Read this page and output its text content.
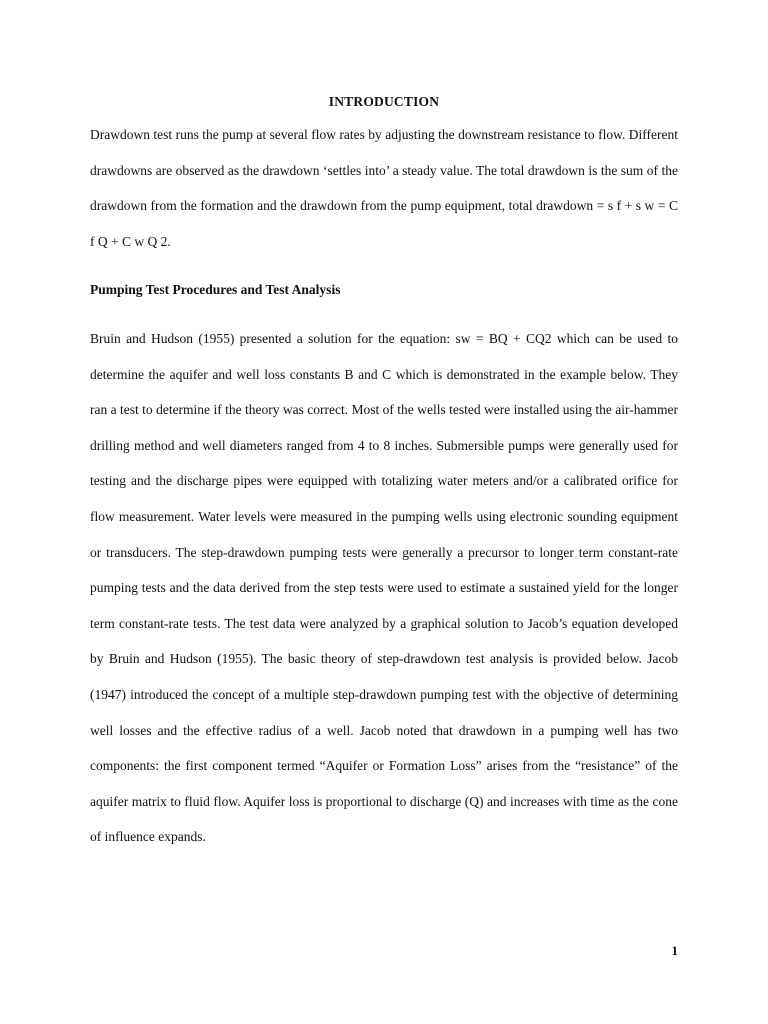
INTRODUCTION

Drawdown test runs the pump at several flow rates by adjusting the downstream resistance to flow. Different drawdowns are observed as the drawdown ‘settles into’ a steady value. The total drawdown is the sum of the drawdown from the formation and the drawdown from the pump equipment, total drawdown = s f + s w = C f Q + C w Q 2.

Pumping Test Procedures and Test Analysis

Bruin and Hudson (1955) presented a solution for the equation: sw = BQ + CQ2 which can be used to determine the aquifer and well loss constants B and C which is demonstrated in the example below. They ran a test to determine if the theory was correct. Most of the wells tested were installed using the air-hammer drilling method and well diameters ranged from 4 to 8 inches. Submersible pumps were generally used for testing and the discharge pipes were equipped with totalizing water meters and/or a calibrated orifice for flow measurement. Water levels were measured in the pumping wells using electronic sounding equipment or transducers. The step-drawdown pumping tests were generally a precursor to longer term constant-rate pumping tests and the data derived from the step tests were used to estimate a sustained yield for the longer term constant-rate tests. The test data were analyzed by a graphical solution to Jacob’s equation developed by Bruin and Hudson (1955). The basic theory of step-drawdown test analysis is provided below. Jacob (1947) introduced the concept of a multiple step-drawdown pumping test with the objective of determining well losses and the effective radius of a well. Jacob noted that drawdown in a pumping well has two components: the first component termed “Aquifer or Formation Loss” arises from the “resistance” of the aquifer matrix to fluid flow. Aquifer loss is proportional to discharge (Q) and increases with time as the cone of influence expands.

1
